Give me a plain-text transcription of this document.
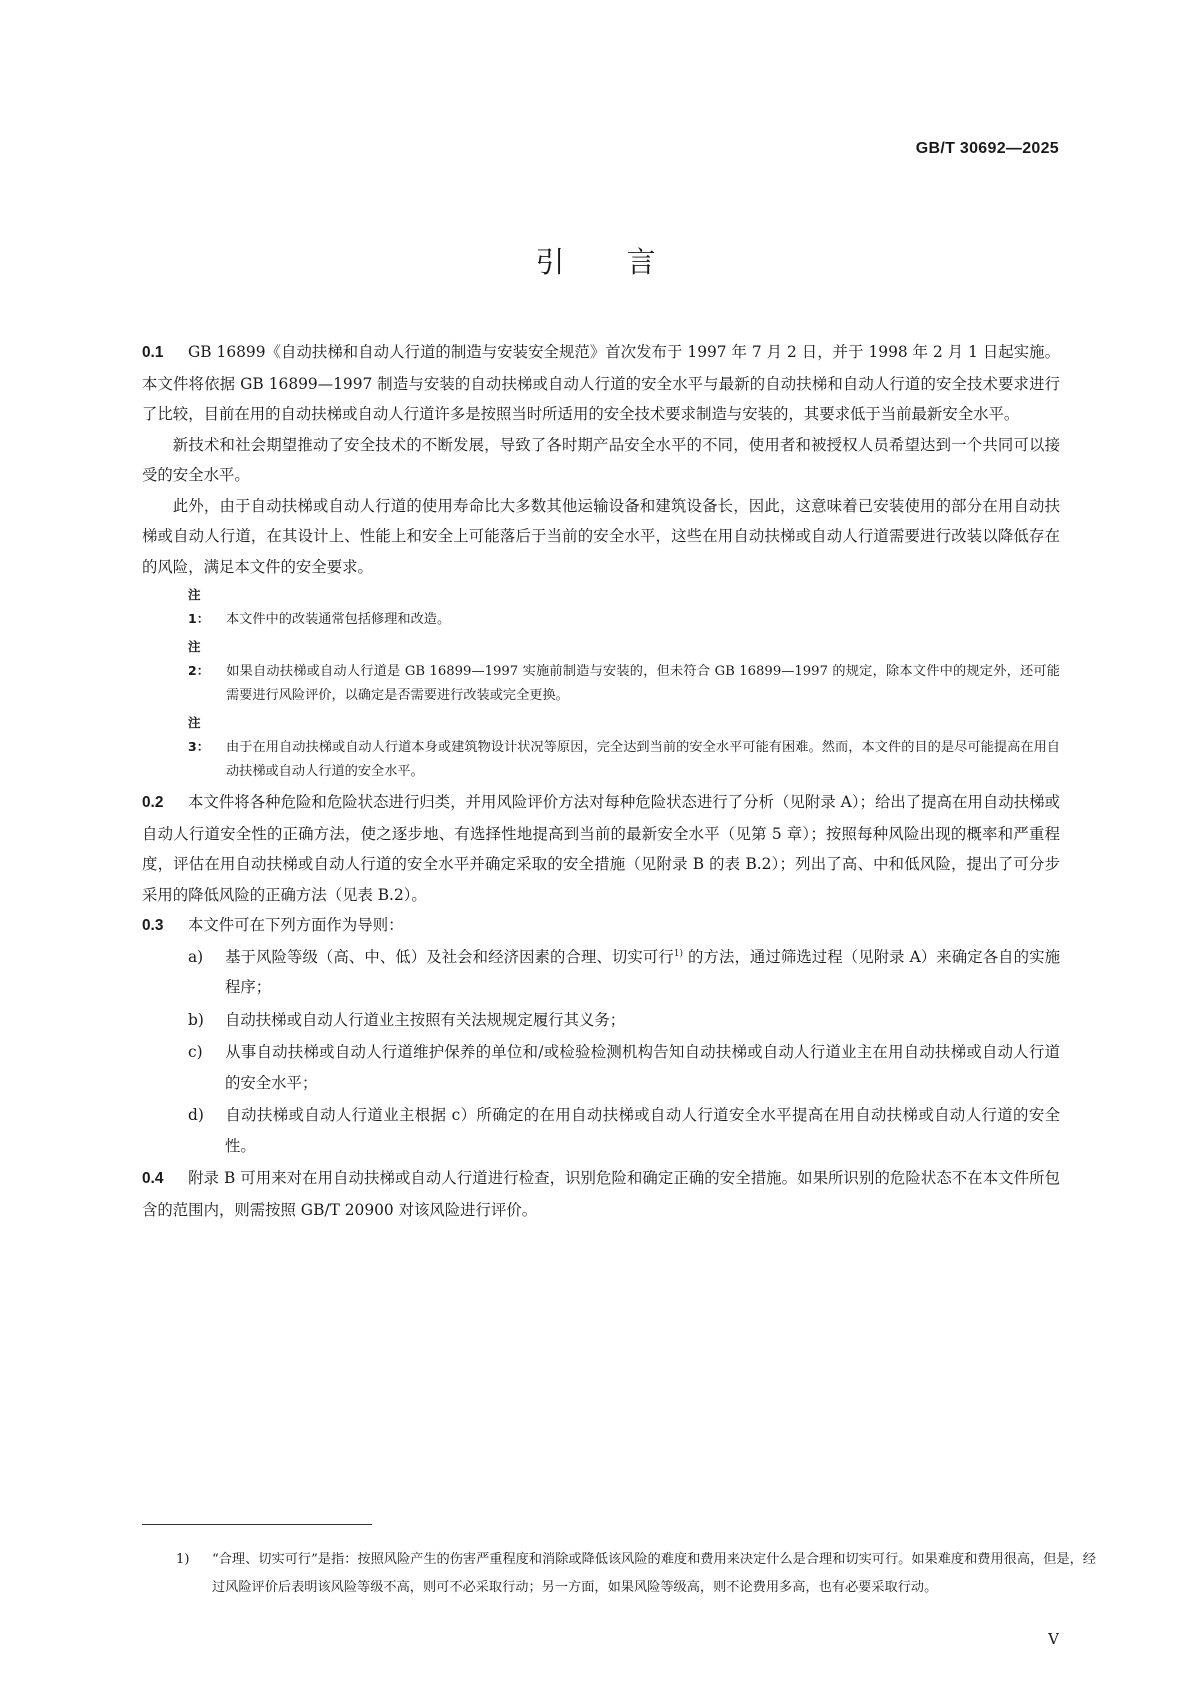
GB/T 30692—2025
引言

0.1 GB 16899《自动扶梯和自动人行道的制造与安装安全规范》首次发布于 1997 年 7 月 2 日，并于 1998 年 2 月 1 日起实施。本文件将依据 GB 16899—1997 制造与安装的自动扶梯或自动人行道的安全水平与最新的自动扶梯和自动人行道的安全技术要求进行了比较，目前在用的自动扶梯或自动人行道许多是按照当时所适用的安全技术要求制造与安装的，其要求低于当前最新安全水平。

新技术和社会期望推动了安全技术的不断发展，导致了各时期产品安全水平的不同，使用者和被授权人员希望达到一个共同可以接受的安全水平。

此外，由于自动扶梯或自动人行道的使用寿命比大多数其他运输设备和建筑设备长，因此，这意味着已安装使用的部分在用自动扶梯或自动人行道，在其设计上、性能上和安全上可能落后于当前的安全水平，这些在用自动扶梯或自动人行道需要进行改装以降低存在的风险，满足本文件的安全要求。

注 1： 本文件中的改装通常包括修理和改造。
注 2： 如果自动扶梯或自动人行道是 GB 16899—1997 实施前制造与安装的，但未符合 GB 16899—1997 的规定，除本文件中的规定外，还可能需要进行风险评价，以确定是否需要进行改装或完全更换。
注 3： 由于在用自动扶梯或自动人行道本身或建筑物设计状况等原因，完全达到当前的安全水平可能有困难。然而，本文件的目的是尽可能提高在用自动扶梯或自动人行道的安全水平。

0.2 本文件将各种危险和危险状态进行归类，并用风险评价方法对每种危险状态进行了分析（见附录 A）；给出了提高在用自动扶梯或自动人行道安全性的正确方法，使之逐步地、有选择性地提高到当前的最新安全水平（见第 5 章）；按照每种风险出现的概率和严重程度，评估在用自动扶梯或自动人行道的安全水平并确定采取的安全措施（见附录 B 的表 B.2）；列出了高、中和低风险，提出了可分步采用的降低风险的正确方法（见表 B.2）。

0.3 本文件可在下列方面作为导则：

a) 基于风险等级（高、中、低）及社会和经济因素的合理、切实可行$^{1)}$ 的方法，通过筛选过程（见附录 A）来确定各自的实施程序；
b) 自动扶梯或自动人行道业主按照有关法规规定履行其义务；
c) 从事自动扶梯或自动人行道维护保养的单位和/或检验检测机构告知自动扶梯或自动人行道业主在用自动扶梯或自动人行道的安全水平；
d) 自动扶梯或自动人行道业主根据 c）所确定的在用自动扶梯或自动人行道安全水平提高在用自动扶梯或自动人行道的安全性。

0.4 附录 B 可用来对在用自动扶梯或自动人行道进行检查，识别危险和确定正确的安全措施。如果所识别的危险状态不在本文件所包含的范围内，则需按照 GB/T 20900 对该风险进行评价。

1) “合理、切实可行”是指：按照风险产生的伤害严重程度和消除或降低该风险的难度和费用来决定什么是合理和切实可行。如果难度和费用很高，但是，经过风险评价后表明该风险等级不高，则可不必采取行动；另一方面，如果风险等级高，则不论费用多高，也有必要采取行动。
V
